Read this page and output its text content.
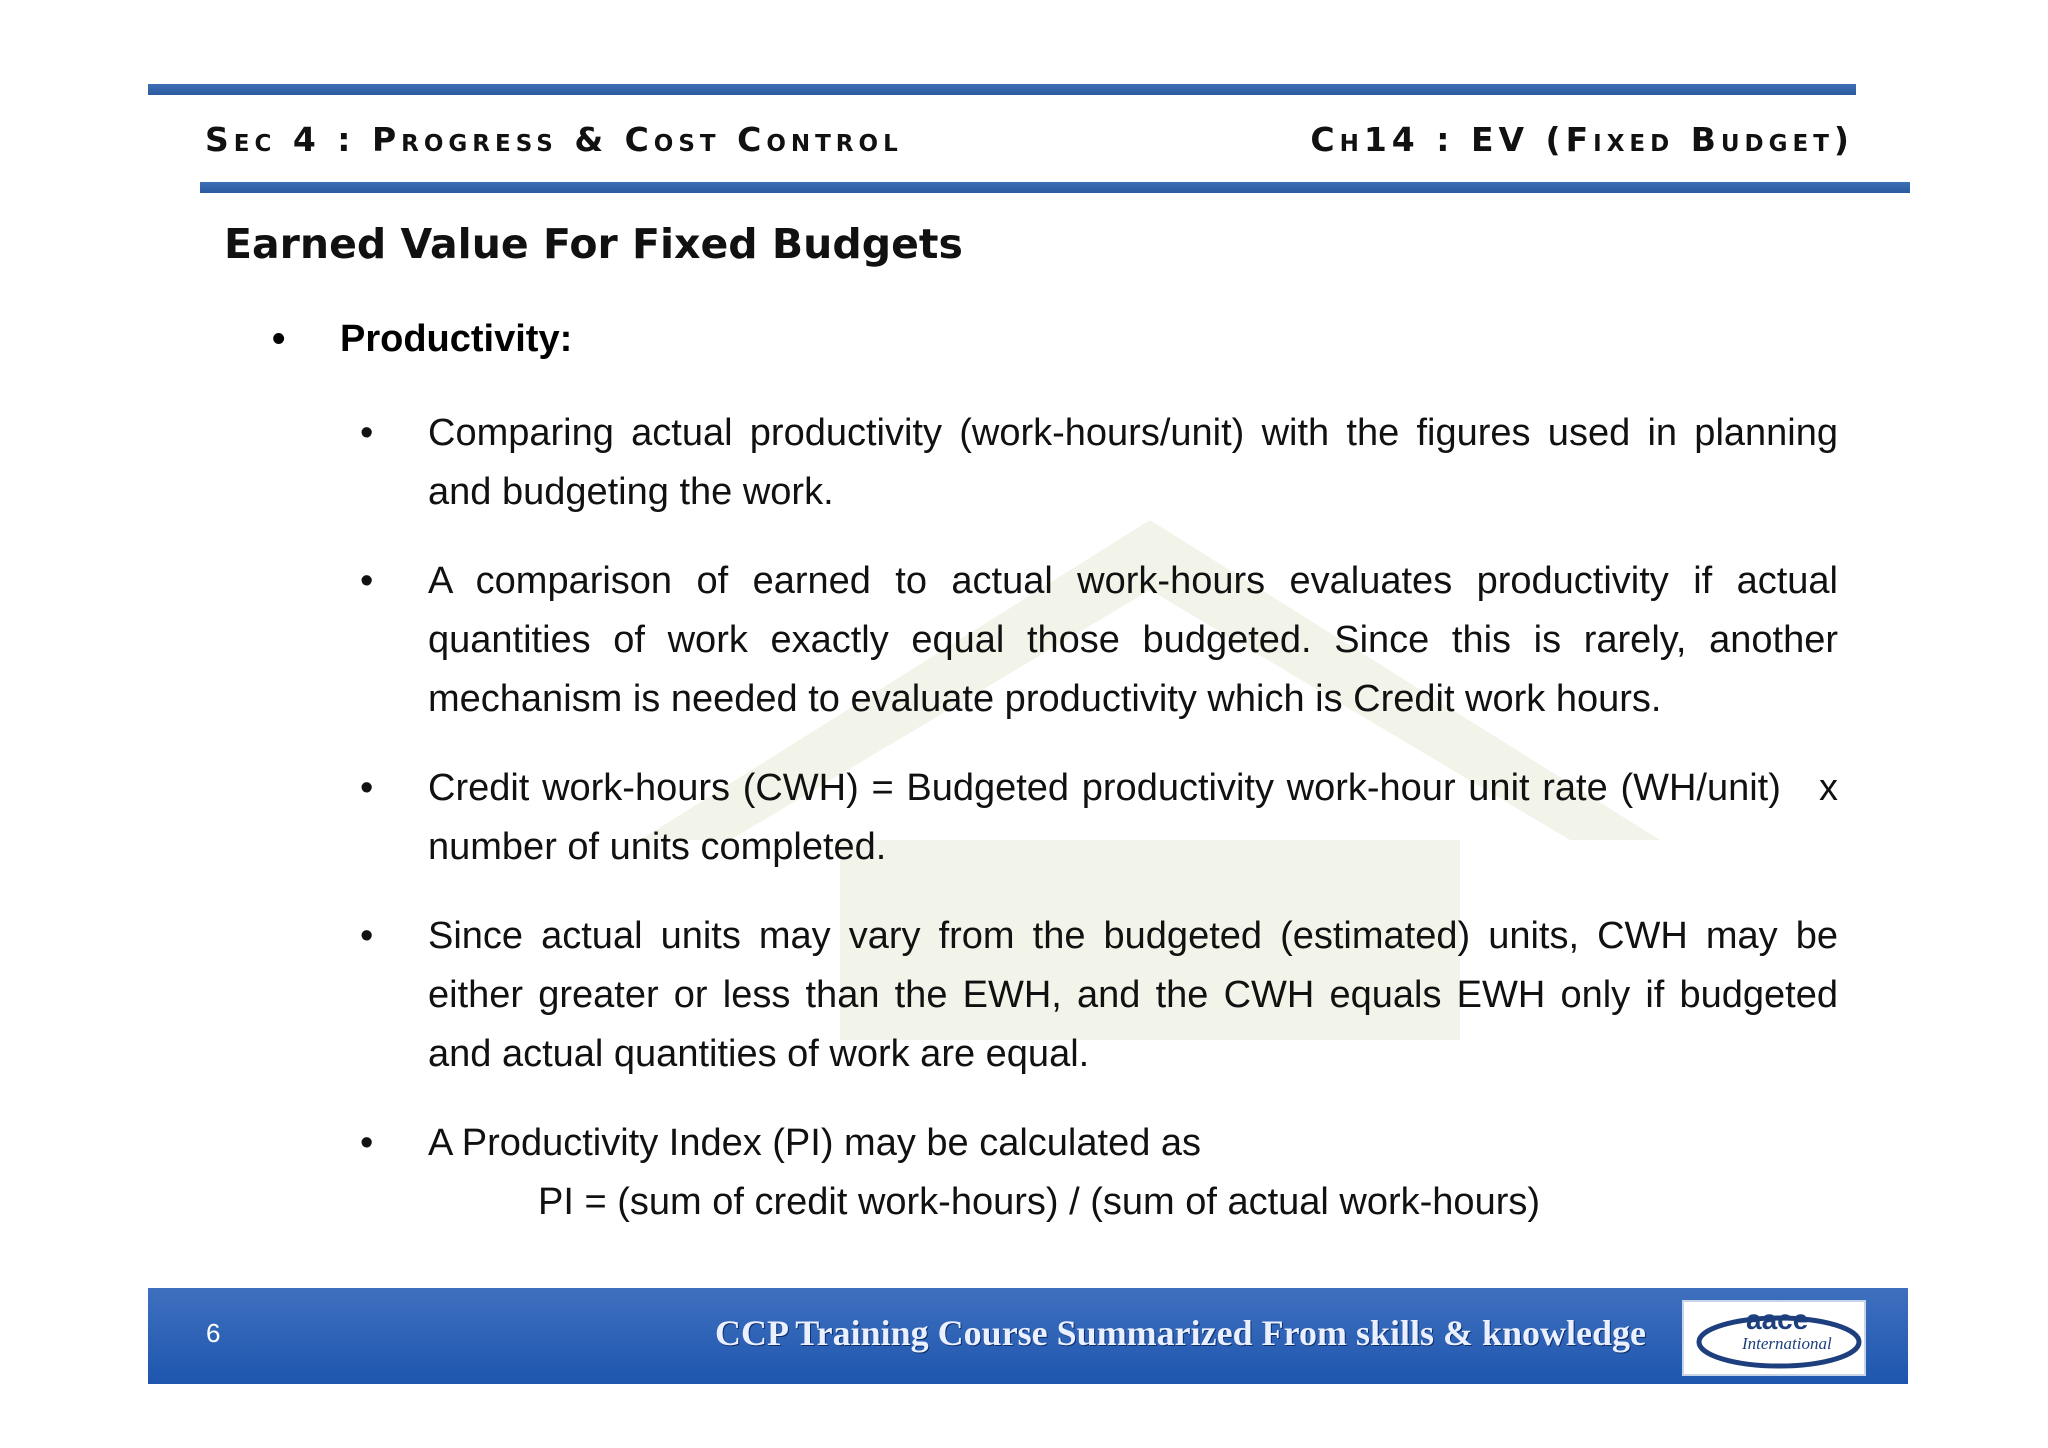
Sec 4 : Progress & Cost Control	Ch14 : EV (Fixed Budget)
Earned Value For Fixed Budgets
•	Productivity:
•	Comparing actual productivity (work-hours/unit) with the figures used in planning and budgeting the work.
•	A comparison of earned to actual work-hours evaluates productivity if actual quantities of work exactly equal those budgeted. Since this is rarely, another mechanism is needed to evaluate productivity which is Credit work hours.
•	Credit work-hours (CWH) = Budgeted productivity work-hour unit rate (WH/unit)   x   number of units completed.
•	Since actual units may vary from the budgeted (estimated) units, CWH may be either greater or less than the EWH, and the CWH equals EWH only if budgeted and actual quantities of work are equal.
•	A Productivity Index (PI) may be calculated as
PI = (sum of credit work-hours) / (sum of actual work-hours)
6	CCP Training Course Summarized From skills & knowledge	aace
International
